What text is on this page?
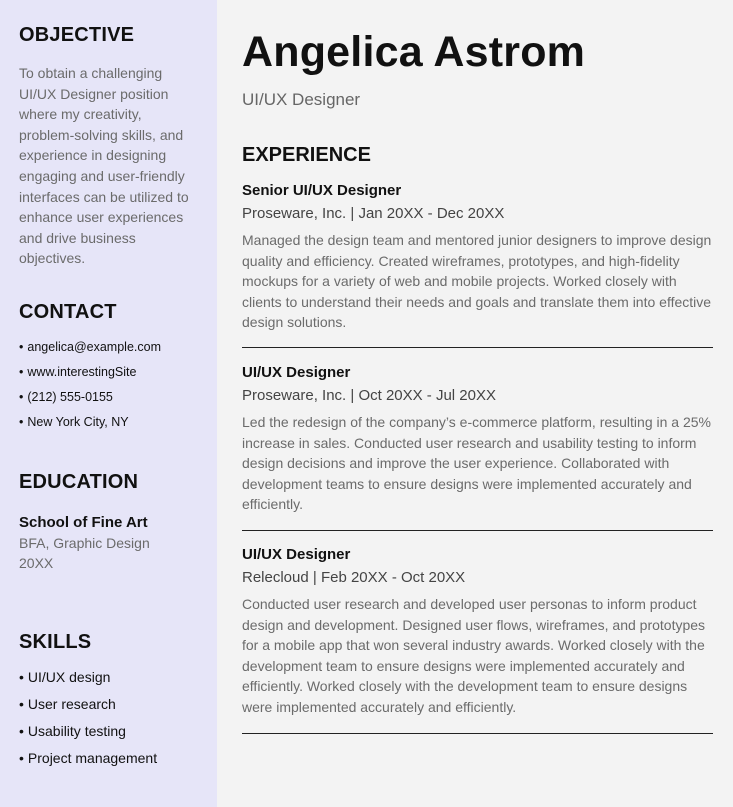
OBJECTIVE

To obtain a challenging UI/UX Designer position where my creativity, problem-solving skills, and experience in designing engaging and user-friendly interfaces can be utilized to enhance user experiences and drive business objectives.

CONTACT
• angelica@example.com
• www.interestingSite
• (212) 555-0155
• New York City, NY
EDUCATION

School of Fine Art

BFA, Graphic Design

20XX

SKILLS
• UI/UX design
• User research
• Usability testing
• Project management
Angelica Astrom

UI/UX Designer

EXPERIENCE

Senior UI/UX Designer

Proseware, Inc. | Jan 20XX - Dec 20XX

Managed the design team and mentored junior designers to improve design quality and efficiency. Created wireframes, prototypes, and high-fidelity mockups for a variety of web and mobile projects. Worked closely with clients to understand their needs and goals and translate them into effective design solutions.

UI/UX Designer

Proseware, Inc. | Oct 20XX - Jul 20XX

Led the redesign of the company’s e-commerce platform, resulting in a 25% increase in sales. Conducted user research and usability testing to inform design decisions and improve the user experience. Collaborated with development teams to ensure designs were implemented accurately and efficiently.

UI/UX Designer

Relecloud | Feb 20XX - Oct 20XX

Conducted user research and developed user personas to inform product design and development. Designed user flows, wireframes, and prototypes for a mobile app that won several industry awards. Worked closely with the development team to ensure designs were implemented accurately and efficiently. Worked closely with the development team to ensure designs were implemented accurately and efficiently.
